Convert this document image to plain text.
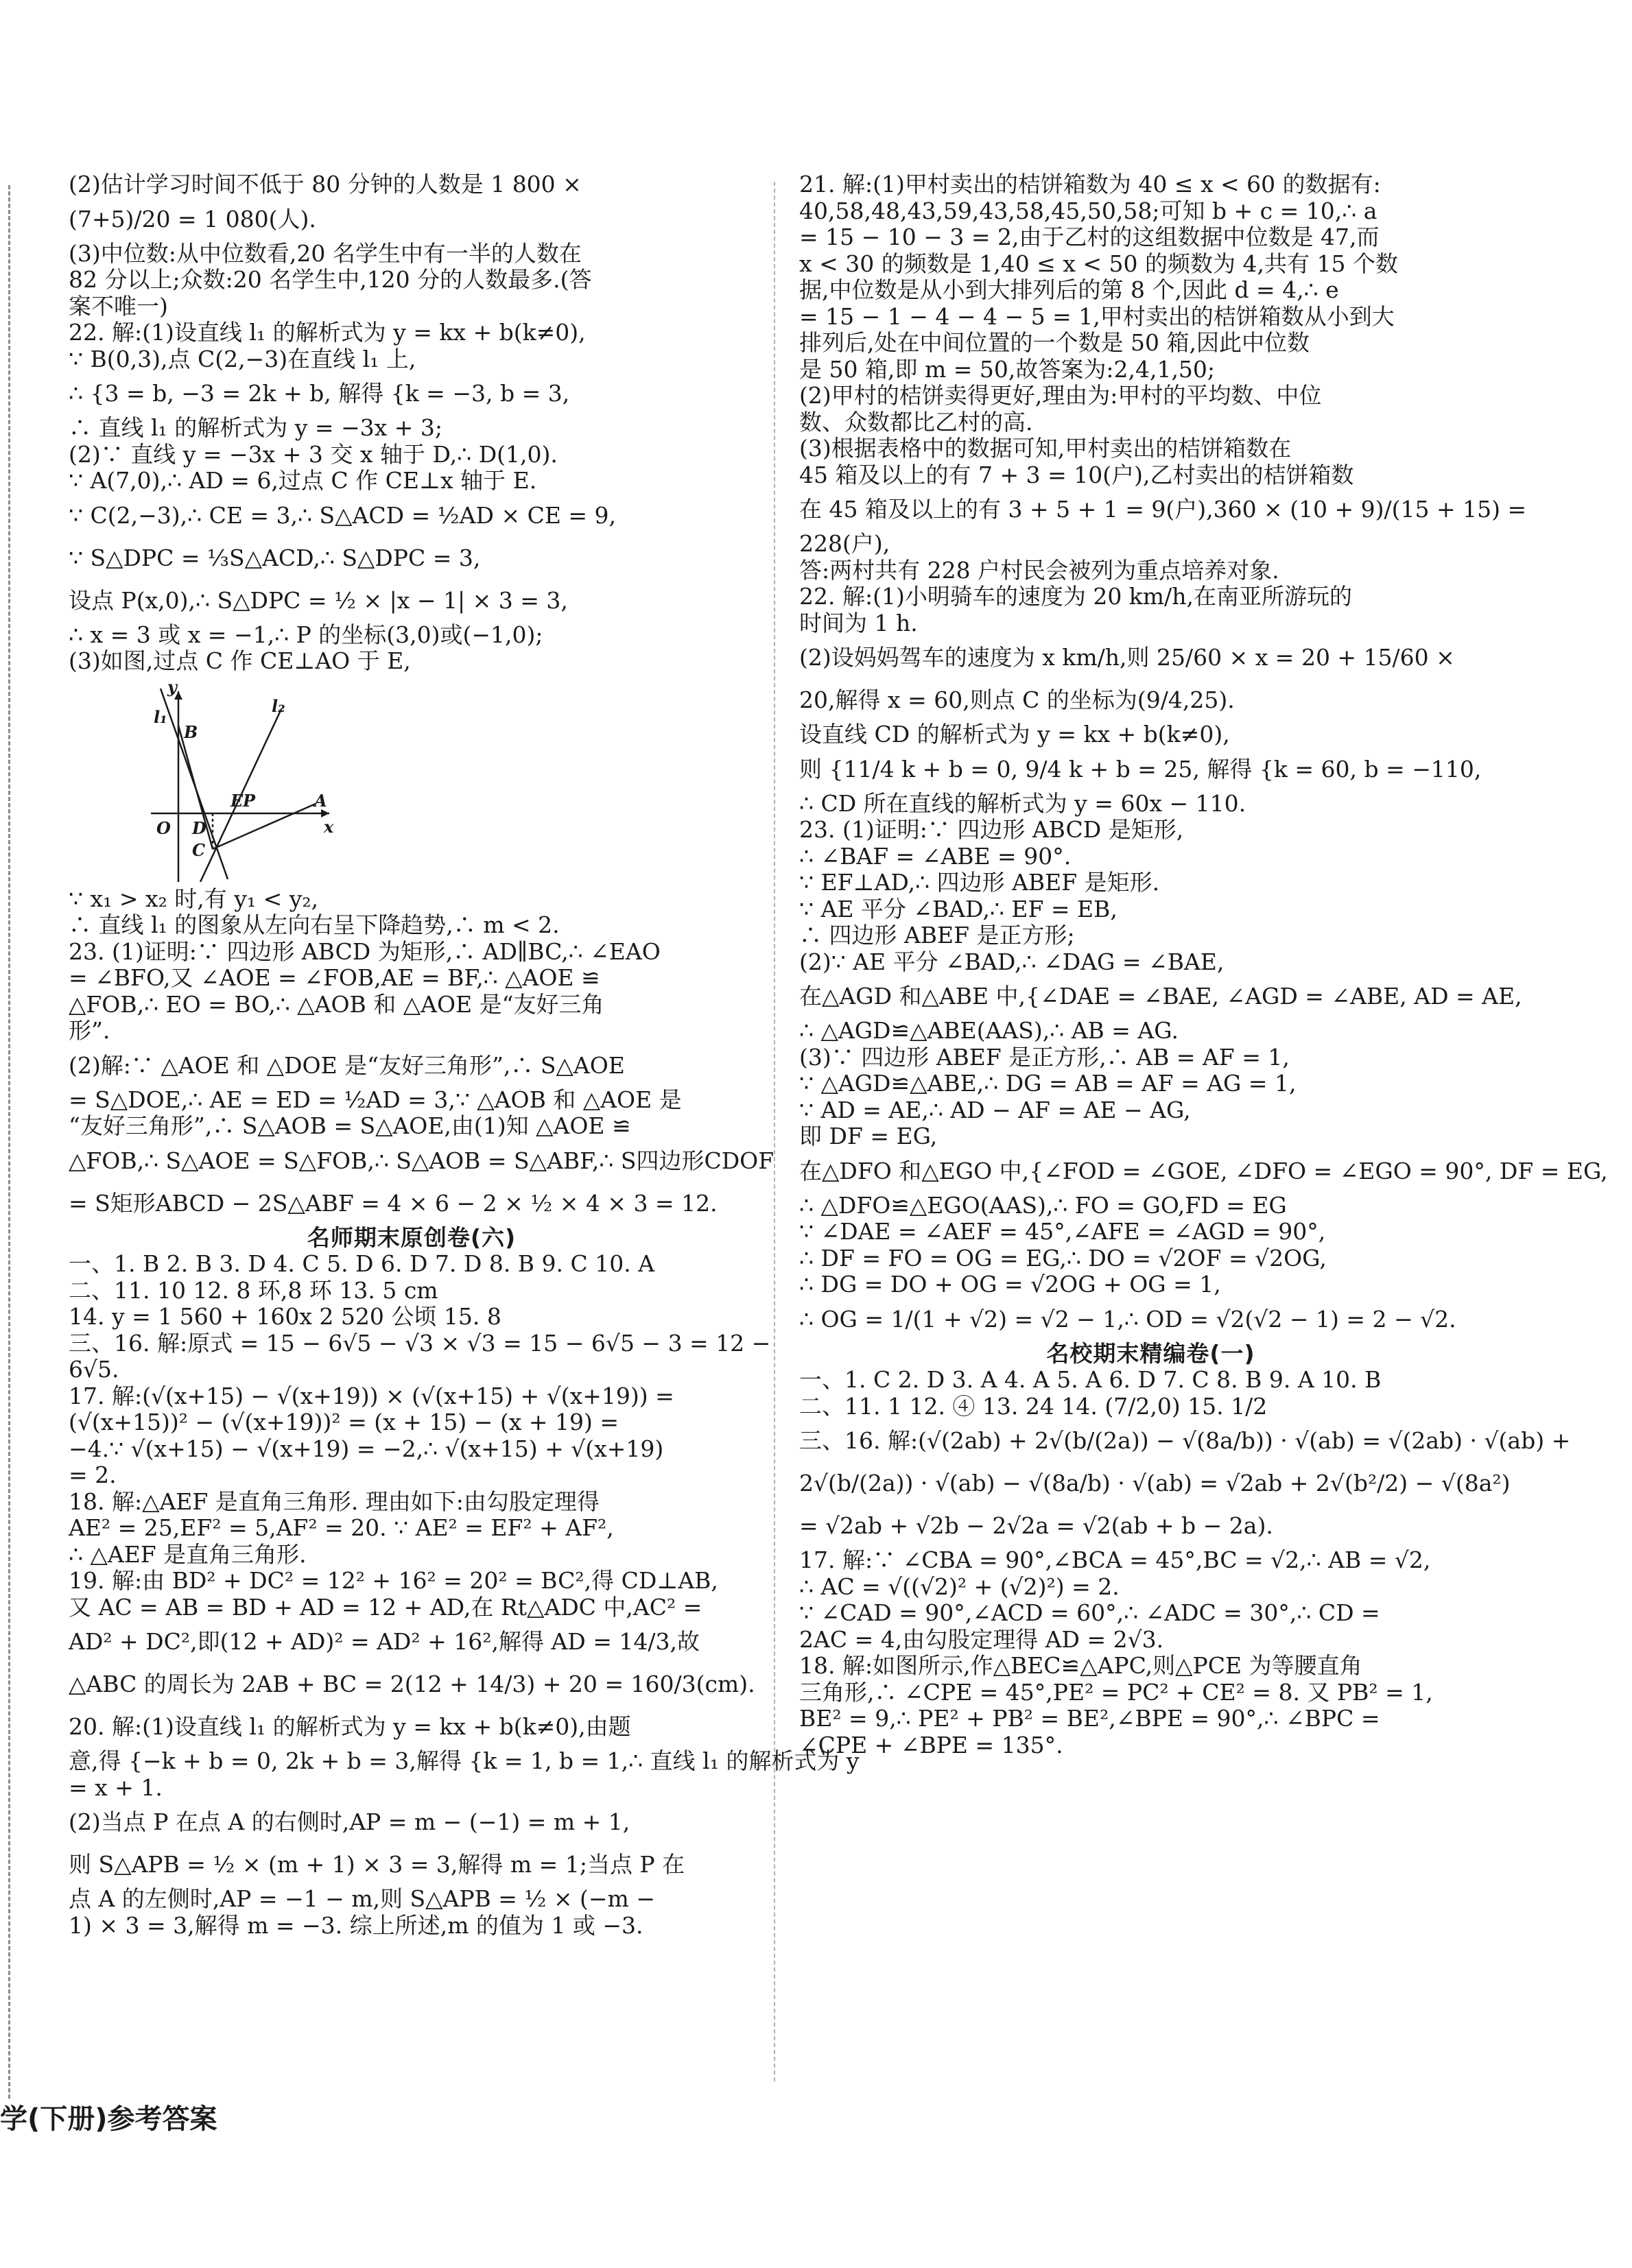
(2)估计学习时间不低于 80 分钟的人数是 1 800 ×
(7+5)/20 = 1 080(人).
(3)中位数:从中位数看,20 名学生中有一半的人数在
82 分以上;众数:20 名学生中,120 分的人数最多.(答
案不唯一)
22. 解:(1)设直线 l₁ 的解析式为 y = kx + b(k≠0),
∵ B(0,3),点 C(2,−3)在直线 l₁ 上,
∴ {3 = b, −3 = 2k + b, 解得 {k = −3, b = 3,
∴ 直线 l₁ 的解析式为 y = −3x + 3;
(2)∵ 直线 y = −3x + 3 交 x 轴于 D,∴ D(1,0).
∵ A(7,0),∴ AD = 6,过点 C 作 CE⊥x 轴于 E.
∵ C(2,−3),∴ CE = 3,∴ S△ACD = ½AD × CE = 9,
∵ S△DPC = ⅓S△ACD,∴ S△DPC = 3,
设点 P(x,0),∴ S△DPC = ½ × |x − 1| × 3 = 3,
∴ x = 3 或 x = −1,∴ P 的坐标(3,0)或(−1,0);
(3)如图,过点 C 作 CE⊥AO 于 E,
y
l₁
l₂
B
E P	A
O D	x
C
∵ x₁ > x₂ 时,有 y₁ < y₂,
∴ 直线 l₁ 的图象从左向右呈下降趋势,∴ m < 2.
23. (1)证明:∵ 四边形 ABCD 为矩形,∴ AD∥BC,∴ ∠EAO
= ∠BFO,又 ∠AOE = ∠FOB,AE = BF,∴ △AOE ≌
△FOB,∴ EO = BO,∴ △AOB 和 △AOE 是“友好三角
形”.
(2)解:∵ △AOE 和 △DOE 是“友好三角形”,∴ S△AOE
= S△DOE,∴ AE = ED = ½AD = 3,∵ △AOB 和 △AOE 是
“友好三角形”,∴ S△AOB = S△AOE,由(1)知 △AOE ≌
△FOB,∴ S△AOE = S△FOB,∴ S△AOB = S△ABF,∴ S四边形CDOF
= S矩形ABCD − 2S△ABF = 4 × 6 − 2 × ½ × 4 × 3 = 12.
名师期末原创卷(六)
一、1. B 2. B 3. D 4. C 5. D 6. D 7. D 8. B 9. C 10. A
二、11. 10 12. 8 环,8 环 13. 5 cm
14. y = 1 560 + 160x 2 520 公顷 15. 8
三、16. 解:原式 = 15 − 6√5 − √3 × √3 = 15 − 6√5 − 3 = 12 −
6√5.
17. 解:(√(x+15) − √(x+19)) × (√(x+15) + √(x+19)) =
(√(x+15))² − (√(x+19))² = (x + 15) − (x + 19) =
−4.∵ √(x+15) − √(x+19) = −2,∴ √(x+15) + √(x+19)
= 2.
18. 解:△AEF 是直角三角形. 理由如下:由勾股定理得
AE² = 25,EF² = 5,AF² = 20. ∵ AE² = EF² + AF²,
∴ △AEF 是直角三角形.
19. 解:由 BD² + DC² = 12² + 16² = 20² = BC²,得 CD⊥AB,
又 AC = AB = BD + AD = 12 + AD,在 Rt△ADC 中,AC² =
AD² + DC²,即(12 + AD)² = AD² + 16²,解得 AD = 14/3,故
△ABC 的周长为 2AB + BC = 2(12 + 14/3) + 20 = 160/3(cm).
20. 解:(1)设直线 l₁ 的解析式为 y = kx + b(k≠0),由题
意,得 {−k + b = 0, 2k + b = 3,解得 {k = 1, b = 1,∴ 直线 l₁ 的解析式为 y
= x + 1.
(2)当点 P 在点 A 的右侧时,AP = m − (−1) = m + 1,
则 S△APB = ½ × (m + 1) × 3 = 3,解得 m = 1;当点 P 在
点 A 的左侧时,AP = −1 − m,则 S△APB = ½ × (−m −
1) × 3 = 3,解得 m = −3. 综上所述,m 的值为 1 或 −3.
21. 解:(1)甲村卖出的桔饼箱数为 40 ≤ x < 60 的数据有:
40,58,48,43,59,43,58,45,50,58;可知 b + c = 10,∴ a
= 15 − 10 − 3 = 2,由于乙村的这组数据中位数是 47,而
x < 30 的频数是 1,40 ≤ x < 50 的频数为 4,共有 15 个数
据,中位数是从小到大排列后的第 8 个,因此 d = 4,∴ e
= 15 − 1 − 4 − 4 − 5 = 1,甲村卖出的桔饼箱数从小到大
排列后,处在中间位置的一个数是 50 箱,因此中位数
是 50 箱,即 m = 50,故答案为:2,4,1,50;
(2)甲村的桔饼卖得更好,理由为:甲村的平均数、中位
数、众数都比乙村的高.
(3)根据表格中的数据可知,甲村卖出的桔饼箱数在
45 箱及以上的有 7 + 3 = 10(户),乙村卖出的桔饼箱数
在 45 箱及以上的有 3 + 5 + 1 = 9(户),360 × (10 + 9)/(15 + 15) =
228(户),
答:两村共有 228 户村民会被列为重点培养对象.
22. 解:(1)小明骑车的速度为 20 km/h,在南亚所游玩的
时间为 1 h.
(2)设妈妈驾车的速度为 x km/h,则 25/60 × x = 20 + 15/60 ×
20,解得 x = 60,则点 C 的坐标为(9/4,25).
设直线 CD 的解析式为 y = kx + b(k≠0),
则 {11/4 k + b = 0, 9/4 k + b = 25, 解得 {k = 60, b = −110,
∴ CD 所在直线的解析式为 y = 60x − 110.
23. (1)证明:∵ 四边形 ABCD 是矩形,
∴ ∠BAF = ∠ABE = 90°.
∵ EF⊥AD,∴ 四边形 ABEF 是矩形.
∵ AE 平分 ∠BAD,∴ EF = EB,
∴ 四边形 ABEF 是正方形;
(2)∵ AE 平分 ∠BAD,∴ ∠DAG = ∠BAE,
在△AGD 和△ABE 中,{∠DAE = ∠BAE, ∠AGD = ∠ABE, AD = AE,
∴ △AGD≌△ABE(AAS),∴ AB = AG.
(3)∵ 四边形 ABEF 是正方形,∴ AB = AF = 1,
∵ △AGD≌△ABE,∴ DG = AB = AF = AG = 1,
∵ AD = AE,∴ AD − AF = AE − AG,
即 DF = EG,
在△DFO 和△EGO 中,{∠FOD = ∠GOE, ∠DFO = ∠EGO = 90°, DF = EG,
∴ △DFO≌△EGO(AAS),∴ FO = GO,FD = EG
∵ ∠DAE = ∠AEF = 45°,∠AFE = ∠AGD = 90°,
∴ DF = FO = OG = EG,∴ DO = √2OF = √2OG,
∴ DG = DO + OG = √2OG + OG = 1,
∴ OG = 1/(1 + √2) = √2 − 1,∴ OD = √2(√2 − 1) = 2 − √2.
名校期末精编卷(一)
一、1. C 2. D 3. A 4. A 5. A 6. D 7. C 8. B 9. A 10. B
二、11. 1 12. ④ 13. 24 14. (7/2,0) 15. 1/2
三、16. 解:(√(2ab) + 2√(b/(2a)) − √(8a/b)) · √(ab) = √(2ab) · √(ab) +
2√(b/(2a)) · √(ab) − √(8a/b) · √(ab) = √2ab + 2√(b²/2) − √(8a²)
= √2ab + √2b − 2√2a = √2(ab + b − 2a).
17. 解:∵ ∠CBA = 90°,∠BCA = 45°,BC = √2,∴ AB = √2,
∴ AC = √((√2)² + (√2)²) = 2.
∵ ∠CAD = 90°,∠ACD = 60°,∴ ∠ADC = 30°,∴ CD =
2AC = 4,由勾股定理得 AD = 2√3.
18. 解:如图所示,作△BEC≌△APC,则△PCE 为等腰直角
三角形,∴ ∠CPE = 45°,PE² = PC² + CE² = 8. 又 PB² = 1,
BE² = 9,∴ PE² + PB² = BE²,∠BPE = 90°,∴ ∠BPC =
∠CPE + ∠BPE = 135°.
学(下册)参考答案
